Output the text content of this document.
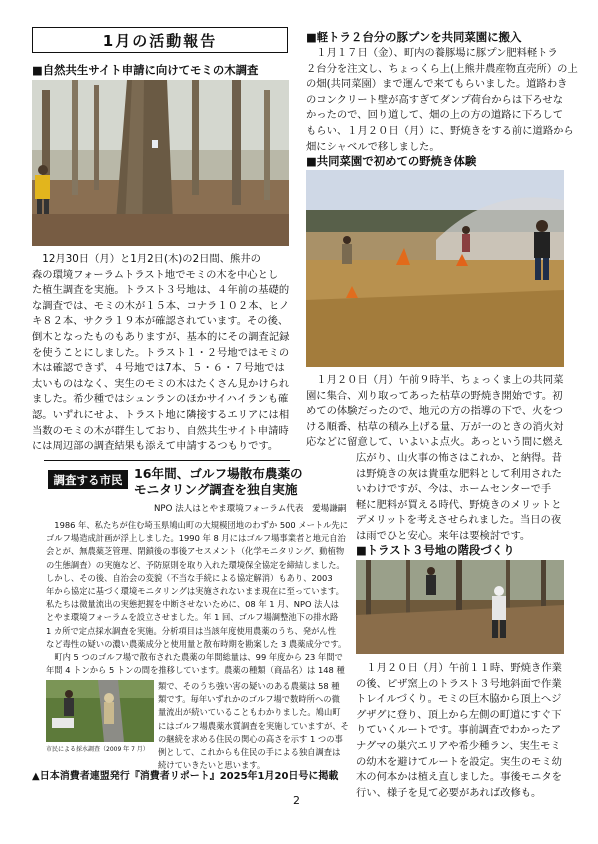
1月の活動報告
■自然共生サイト申請に向けてモミの木調査

　12月30日（月）と1月2日(木)の2日間、熊井の

森の環境フォーラムトラスト地でモミの木を中心とし

た植生調査を実施。トラスト３号地は、４年前の基礎的

な調査では、モミの木が１５本、コナラ１０２本、ヒノ

キ８２本、サクラ１９本が確認されています。その後、

倒木となったものもありますが、基本的にその調査記録

を使うことにしました。トラスト１・２号地ではモミの

木は確認できず、４号地では7本、５・６・７号地では

太いものはなく、実生のモミの木はたくさん見かけられ

ました。希少種ではシュンランのほかサイハイランも確

認。いずれにせよ、トラスト地に隣接するエリアには相

当数のモミの木が群生しており、自然共生サイト申請時

には周辺部の調査結果も添えて申請するつもりです。

調査する市民 16年間、ゴルフ場散布農薬の
モニタリング調査を独自実施
NPO 法人はとやま環境フォーラム代表　愛場謙嗣

　1986 年、私たちが住む埼玉県鳩山町の大規模団地のわずか 500 メートル先に

ゴルフ場造成計画が浮上しました。1990 年 8 月にはゴルフ場事業者と地元自治

会とが、無農薬芝管理、閉鎖後の事後アセスメント（化学モニタリング、動植物

の生態調査）の実施など、予防原則を取り入れた環境保全協定を締結しました。

しかし、その後、自治会の変貌（不当な手続による協定解消）もあり、2003

年から協定に基づく環境モニタリングは実施されないまま現在に至っています。

私たちは微量流出の実態把握を中断させないために、08 年 1 月、NPO 法人は

とやま環境フォーラムを設立させました。年 1 回、ゴルフ場調整池下の排水路

1 カ所で定点採水調査を実施。分析項目は当該年度使用農薬のうち、発がん性

など毒性の疑いの濃い農薬成分と使用量と散布時期を勘案した 3 農薬成分です。

　町内 5 つのゴルフ場で散布された農薬の年間総量は、99 年度から 23 年間で

年間 4 トンから 5 トンの間を推移しています。農薬の種類（商品名）は 148 種

市民による採水調査（2009 年 7 月）

類で、そのうち強い害の疑いのある農薬は 58 種

類です。毎年いずれかのゴルフ場で数時所への微

量流出が続いていることもわかりました。鳩山町

にはゴルフ場農薬水質調査を実施していますが、そ

の継続を求める住民の関心の高さを示す 1 つの事

例として、これからも住民の手による独自調査は

続けていきたいと思います。

▲日本消費者連盟発行『消費者リポート』2025年1月20日号に掲載
■軽トラ２台分の豚プンを共同菜園に搬入

　１月１７日（金）、町内の養豚場に豚プン肥料軽トラ

２台分を注文し、ちょっくら上(上熊井農産物直売所）の上

の畑(共同菜園）まで運んで来てもらいました。道路わき

のコンクリート壁が高すぎてダンプ荷台からは下ろせな

かったので、回り道して、畑の上の方の道路に下ろして

もらい、１月２０日（月）に、野焼きをする前に道路から

畑にシャベルで移しました。

■共同菜園で初めての野焼き体験

　１月２０日（月）午前９時半、ちょっくま上の共同菜

園に集合、刈り取ってあった枯草の野焼き開始です。初

めての体験だったので、地元の方の指導の下で、火をつ

ける順番、枯草の積み上げる量、万が一のときの消火対

応などに留意して、いよいよ点火。あっという間に燃え

広がり、山火事の怖さはこれか、と納得。昔

は野焼きの灰は貴重な肥料として利用された

いわけですが、今は、ホームセンターで手

軽に肥料が買える時代、野焼きのメリットと

デメリットを考えさせられました。当日の夜

は雨でひと安心。来年は要検討です。

■トラスト３号地の階段づくり

　１月２０日（月）午前１１時、野焼き作業

の後、ピザ窯上のトラスト３号地斜面で作業

トレイルづくり。モミの巨木脇から頂上へジ

グザグに登り、頂上から左側の町道にすぐ下

りていくルートです。事前調査でわかったア

ナグマの巣穴エリアや希少種ラン、実生モミ

の幼木を避けてルートを設定。実生のモミ幼

木の何本かは植え直しました。事後モニタを

行い、様子を見て必要があれば改修も。

2
